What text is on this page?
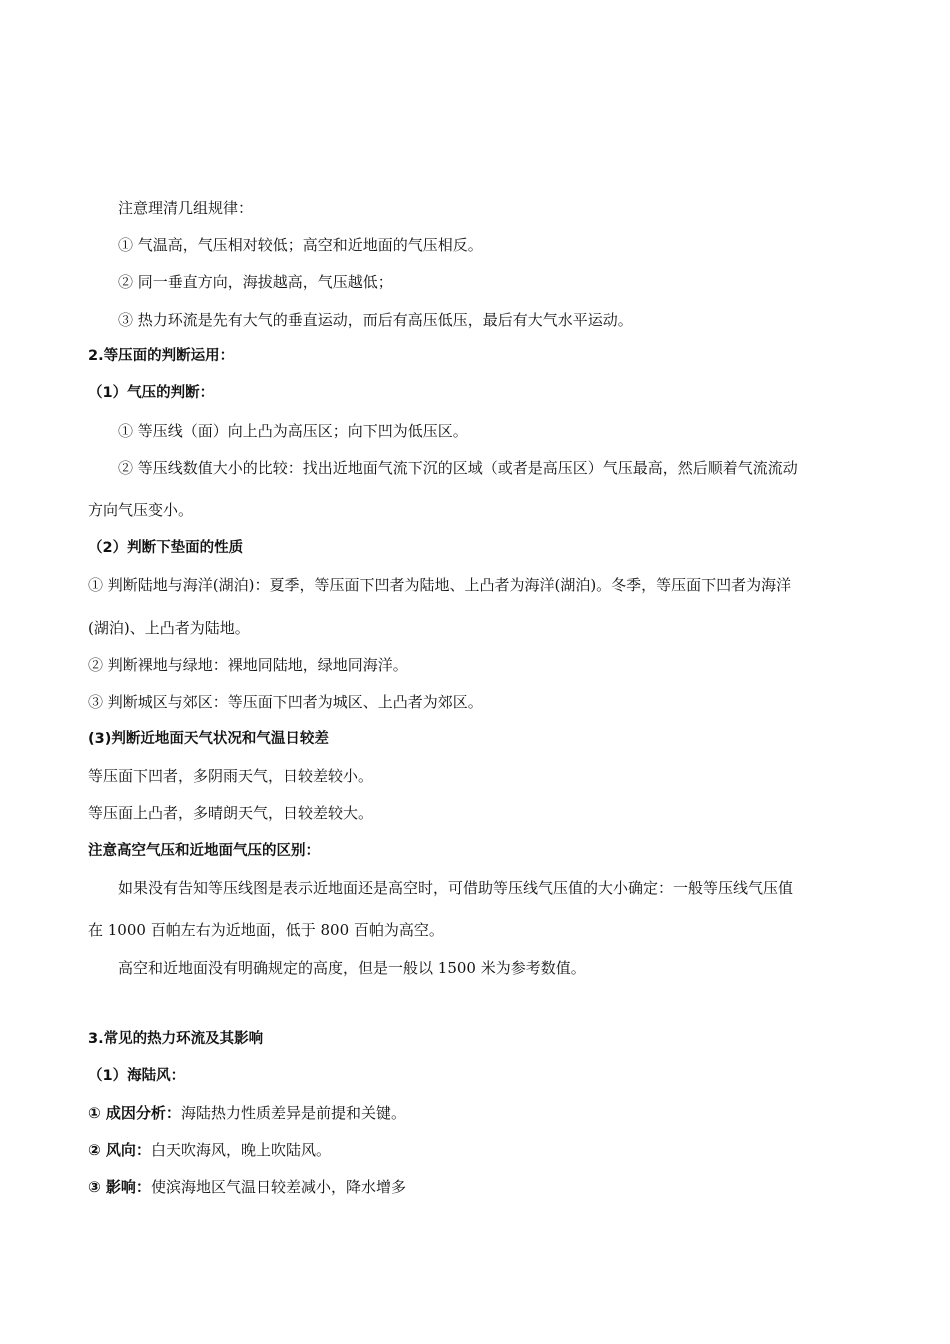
注意理清几组规律：
① 气温高，气压相对较低；高空和近地面的气压相反。
② 同一垂直方向，海拔越高，气压越低；
③ 热力环流是先有大气的垂直运动，而后有高压低压，最后有大气水平运动。
2.等压面的判断运用：
（1）气压的判断：
① 等压线（面）向上凸为高压区；向下凹为低压区。
② 等压线数值大小的比较：找出近地面气流下沉的区域（或者是高压区）气压最高，然后顺着气流流动
方向气压变小。
（2）判断下垫面的性质
① 判断陆地与海洋(湖泊)：夏季，等压面下凹者为陆地、上凸者为海洋(湖泊)。冬季，等压面下凹者为海洋
(湖泊)、上凸者为陆地。
② 判断裸地与绿地：裸地同陆地，绿地同海洋。
③ 判断城区与郊区：等压面下凹者为城区、上凸者为郊区。
(3)判断近地面天气状况和气温日较差
等压面下凹者，多阴雨天气，日较差较小。
等压面上凸者，多晴朗天气，日较差较大。
注意高空气压和近地面气压的区别：
如果没有告知等压线图是表示近地面还是高空时，可借助等压线气压值的大小确定：一般等压线气压值
在 1000 百帕左右为近地面，低于 800 百帕为高空。
高空和近地面没有明确规定的高度，但是一般以 1500 米为参考数值。
3.常见的热力环流及其影响
（1）海陆风：
① 成因分析：海陆热力性质差异是前提和关键。
② 风向：白天吹海风，晚上吹陆风。
③ 影响：使滨海地区气温日较差减小，降水增多
